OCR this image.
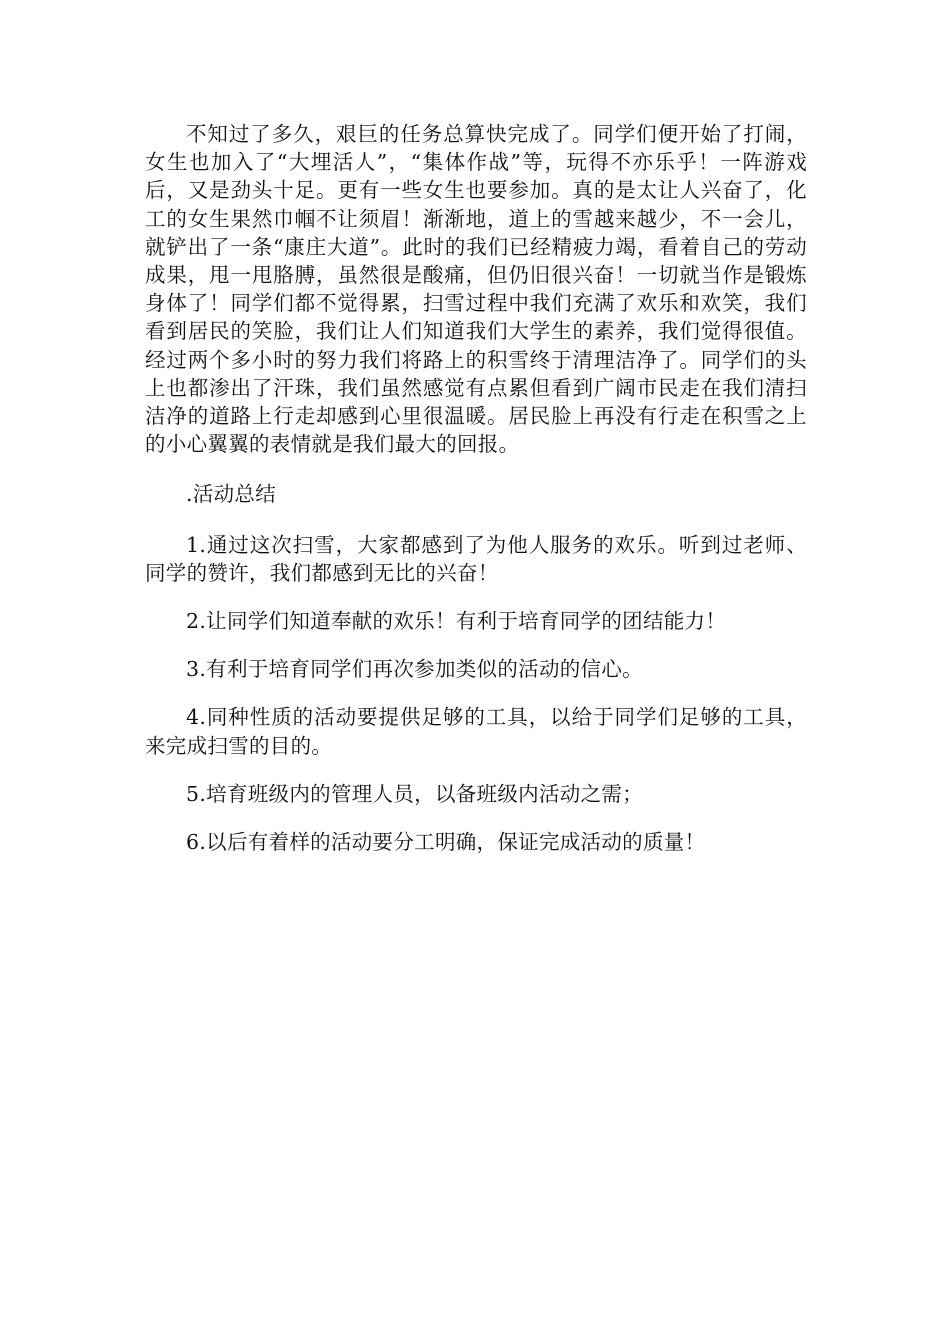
不知过了多久，艰巨的任务总算快完成了。同学们便开始了打闹，女生也加入了“大埋活人”，“集体作战”等，玩得不亦乐乎！一阵游戏后，又是劲头十足。更有一些女生也要参加。真的是太让人兴奋了，化工的女生果然巾帼不让须眉！渐渐地，道上的雪越来越少，不一会儿，就铲出了一条“康庄大道”。此时的我们已经精疲力竭，看着自己的劳动成果，甩一甩胳膊，虽然很是酸痛，但仍旧很兴奋！一切就当作是锻炼身体了！同学们都不觉得累，扫雪过程中我们充满了欢乐和欢笑，我们看到居民的笑脸，我们让人们知道我们大学生的素养，我们觉得很值。经过两个多小时的努力我们将路上的积雪终于清理洁净了。同学们的头上也都渗出了汗珠，我们虽然感觉有点累但看到广阔市民走在我们清扫洁净的道路上行走却感到心里很温暖。居民脸上再没有行走在积雪之上的小心翼翼的表情就是我们最大的回报。

.活动总结

1.通过这次扫雪，大家都感到了为他人服务的欢乐。听到过老师、同学的赞许，我们都感到无比的兴奋！

2.让同学们知道奉献的欢乐！有利于培育同学的团结能力！

3.有利于培育同学们再次参加类似的活动的信心。

4.同种性质的活动要提供足够的工具，以给于同学们足够的工具，来完成扫雪的目的。

5.培育班级内的管理人员，以备班级内活动之需；

6.以后有着样的活动要分工明确，保证完成活动的质量！
